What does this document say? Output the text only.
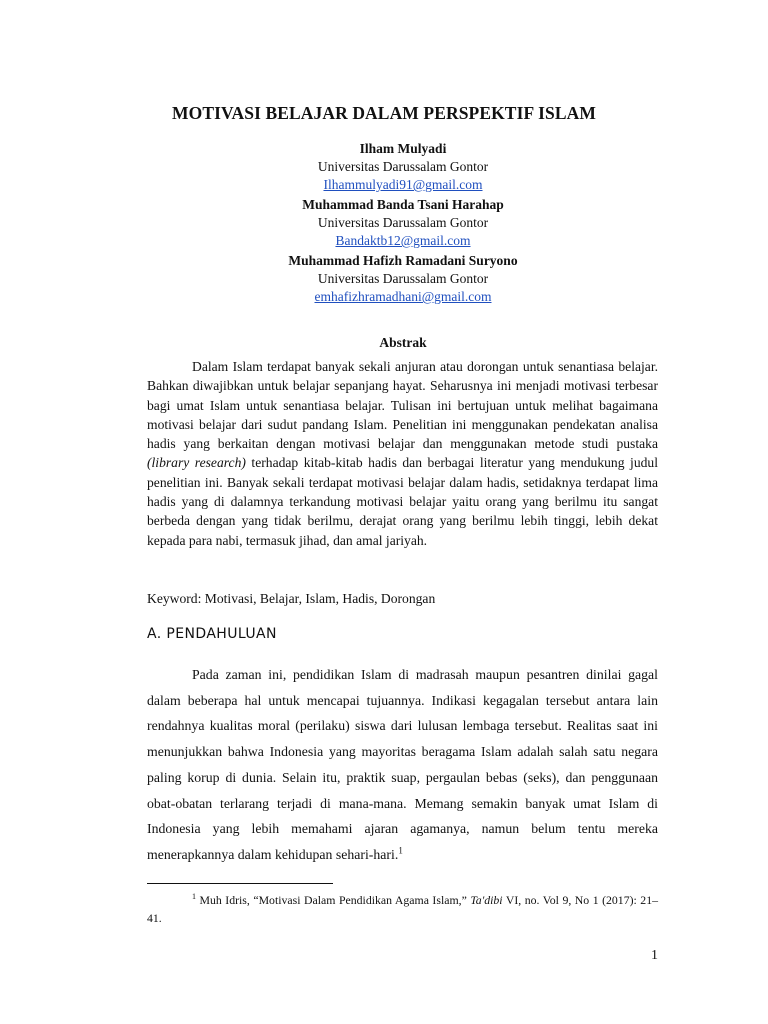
MOTIVASI BELAJAR DALAM PERSPEKTIF ISLAM
Ilham Mulyadi
Universitas Darussalam Gontor
Ilhammulyadi91@gmail.com
Muhammad Banda Tsani Harahap
Universitas Darussalam Gontor
Bandaktb12@gmail.com
Muhammad Hafizh Ramadani Suryono
Universitas Darussalam Gontor
emhafizhramadhani@gmail.com
Abstrak

Dalam Islam terdapat banyak sekali anjuran atau dorongan untuk senantiasa belajar. Bahkan diwajibkan untuk belajar sepanjang hayat. Seharusnya ini menjadi motivasi terbesar bagi umat Islam untuk senantiasa belajar. Tulisan ini bertujuan untuk melihat bagaimana motivasi belajar dari sudut pandang Islam. Penelitian ini menggunakan pendekatan analisa hadis yang berkaitan dengan motivasi belajar dan menggunakan metode studi pustaka (library research) terhadap kitab-kitab hadis dan berbagai literatur yang mendukung judul penelitian ini. Banyak sekali terdapat motivasi belajar dalam hadis, setidaknya terdapat lima hadis yang di dalamnya terkandung motivasi belajar yaitu orang yang berilmu itu sangat berbeda dengan yang tidak berilmu, derajat orang yang berilmu lebih tinggi, lebih dekat kepada para nabi, termasuk jihad, dan amal jariyah.

Keyword: Motivasi, Belajar, Islam, Hadis, Dorongan

A. PENDAHULUAN

Pada zaman ini, pendidikan Islam di madrasah maupun pesantren dinilai gagal dalam beberapa hal untuk mencapai tujuannya. Indikasi kegagalan tersebut antara lain rendahnya kualitas moral (perilaku) siswa dari lulusan lembaga tersebut. Realitas saat ini menunjukkan bahwa Indonesia yang mayoritas beragama Islam adalah salah satu negara paling korup di dunia. Selain itu, praktik suap, pergaulan bebas (seks), dan penggunaan obat-obatan terlarang terjadi di mana-mana. Memang semakin banyak umat Islam di Indonesia yang lebih memahami ajaran agamanya, namun belum tentu mereka menerapkannya dalam kehidupan sehari-hari.$^1$

$^1$ Muh Idris, “Motivasi Dalam Pendidikan Agama Islam,” Ta'dibi VI, no. Vol 9, No 1 (2017): 21–41.

1
